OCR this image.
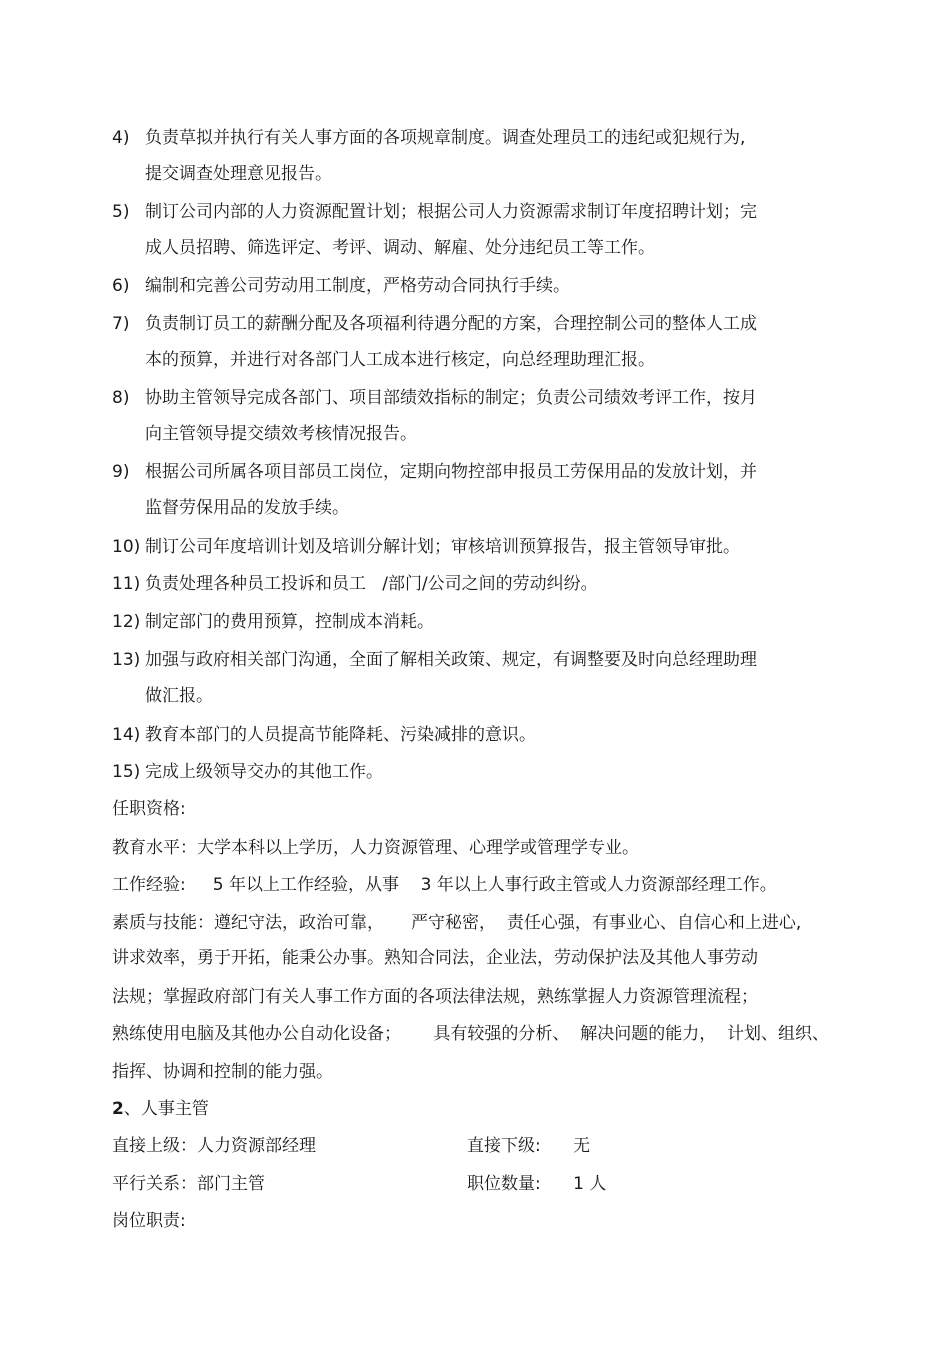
4) 负责草拟并执行有关人事方面的各项规章制度。调查处理员工的违纪或犯规行为,
提交调查处理意见报告。
5) 制订公司内部的人力资源配置计划；根据公司人力资源需求制订年度招聘计划；完
成人员招聘、筛选评定、考评、调动、解雇、处分违纪员工等工作。
6) 编制和完善公司劳动用工制度，严格劳动合同执行手续。
7) 负责制订员工的薪酬分配及各项福利待遇分配的方案，合理控制公司的整体人工成
本的预算，并进行对各部门人工成本进行核定，向总经理助理汇报。
8) 协助主管领导完成各部门、项目部绩效指标的制定；负责公司绩效考评工作，按月
向主管领导提交绩效考核情况报告。
9) 根据公司所属各项目部员工岗位，定期向物控部申报员工劳保用品的发放计划，并
监督劳保用品的发放手续。
10) 制订公司年度培训计划及培训分解计划；审核培训预算报告，报主管领导审批。
11) 负责处理各种员工投诉和员工   /部门/公司之间的劳动纠纷。
12) 制定部门的费用预算，控制成本消耗。
13) 加强与政府相关部门沟通，全面了解相关政策、规定，有调整要及时向总经理助理
做汇报。
14) 教育本部门的人员提高节能降耗、污染减排的意识。
15) 完成上级领导交办的其他工作。
任职资格:
教育水平：大学本科以上学历，人力资源管理、心理学或管理学专业。
工作经验:     5 年以上工作经验，从事    3 年以上人事行政主管或人力资源部经理工作。
素质与技能：遵纪守法，政治可靠，     严守秘密，  责任心强，有事业心、自信心和上进心,
讲求效率，勇于开拓，能秉公办事。熟知合同法，企业法，劳动保护法及其他人事劳动
法规；掌握政府部门有关人事工作方面的各项法律法规，熟练掌握人力资源管理流程；
熟练使用电脑及其他办公自动化设备；      具有较强的分析、  解决问题的能力，  计划、组织、
指挥、协调和控制的能力强。
2、人事主管
直接上级：人力资源部经理	直接下级:      无
平行关系：部门主管	职位数量:      1 人
岗位职责:
